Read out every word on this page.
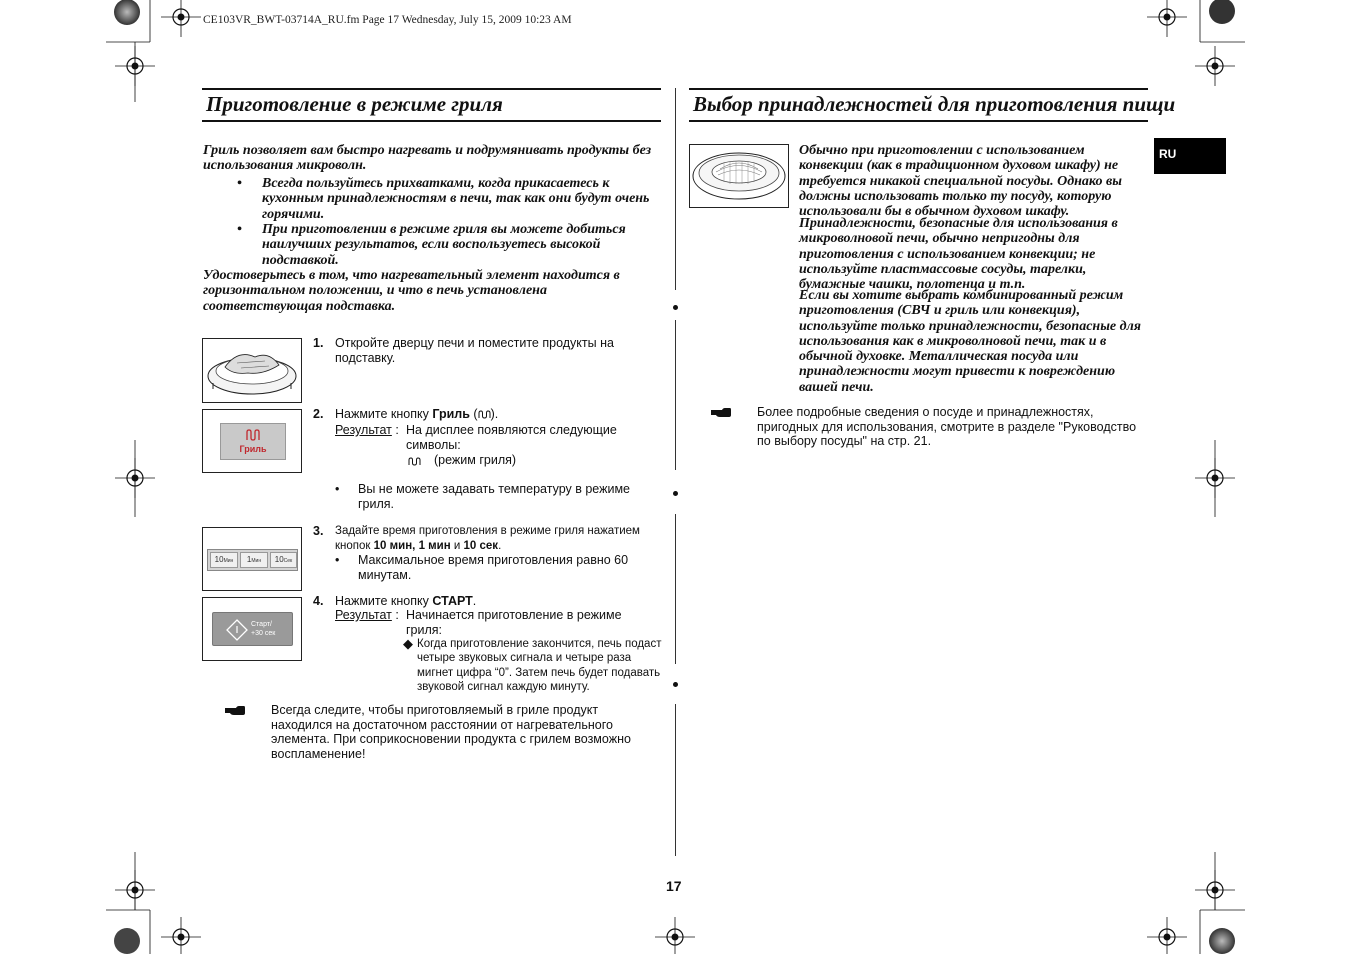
CE103VR_BWT-03714A_RU.fm Page 17 Wednesday, July 15, 2009 10:23 AM
Приготовление в режиме гриля
Гриль позволяет вам быстро нагревать и подрумянивать продукты без использования микроволн.
•	Всегда пользуйтесь прихватками, когда прикасаетесь к кухонным принадлежностям в печи, так как они будут очень горячими.
•	При приготовлении в режиме гриля вы можете добиться наилучших результатов, если воспользуетесь высокой подставкой.
Удостоверьтесь в том, что нагревательный элемент находится в горизонтальном положении, и что в печь установлена соответствующая подставка.
1. Откройте дверцу печи и поместите продукты на подставку.
Гриль
2. Нажмите кнопку Гриль ( ).
Результат : На дисплее появляются следующие символы:
(режим гриля)
• Вы не можете задавать температуру в режиме гриля.
10Мин	1Мин	10Сек
3. Задайте время приготовления в режиме гриля нажатием кнопок 10 мин, 1 мин и 10 сек.
• Максимальное время приготовления равно 60 минутам.
Старт/
+30 сек
4. Нажмите кнопку СТАРТ.
Результат : Начинается приготовление в режиме гриля:
◆ Когда приготовление закончится, печь подаст четыре звуковых сигнала и четыре раза мигнет цифра “0”. Затем печь будет подавать звуковой сигнал каждую минуту.
Всегда следите, чтобы приготовляемый в гриле продукт находился на достаточном расстоянии от нагревательного элемента. При соприкосновении продукта с грилем возможно воспламенение!
Выбор принадлежностей для приготовления пищи
RU
Обычно при приготовлении с использованием конвекции (как в традиционном духовом шкафу) не требуется никакой специальной посуды. Однако вы должны использовать только ту посуду, которую использовали бы в обычном духовом шкафу.
Принадлежности, безопасные для использования в микроволновой печи, обычно непригодны для приготовления с использованием конвекции; не используйте пластмассовые сосуды, тарелки, бумажные чашки, полотенца и т.п.
Если вы хотите выбрать комбинированный режим приготовления (СВЧ и гриль или конвекция), используйте только принадлежности, безопасные для использования как в микроволновой печи, так и в обычной духовке. Металлическая посуда или принадлежности могут привести к повреждению вашей печи.
Более подробные сведения о посуде и принадлежностях, пригодных для использования, смотрите в разделе "Руководство по выбору посуды" на стр. 21.
17
